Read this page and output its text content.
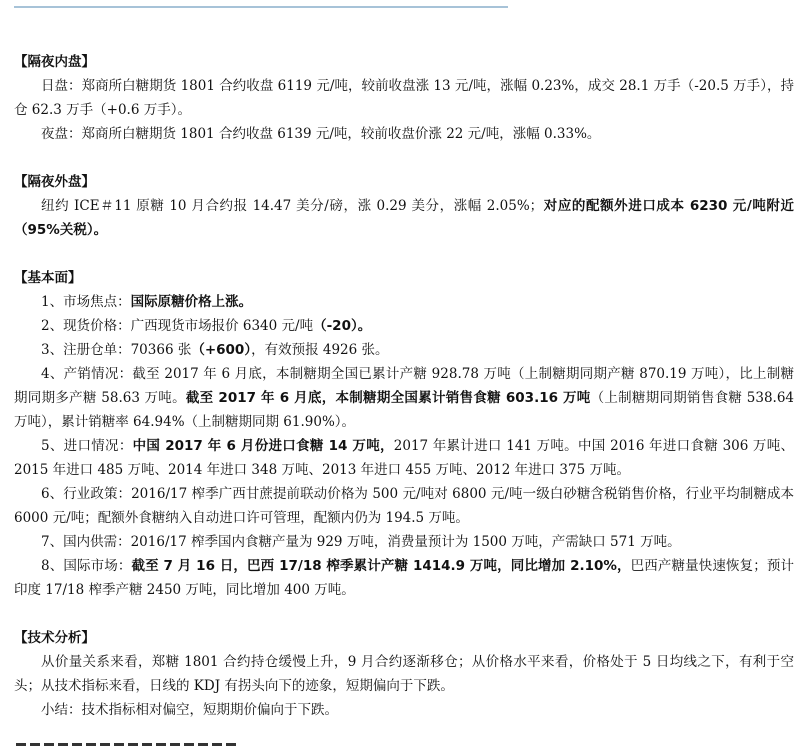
【隔夜内盘】

日盘：郑商所白糖期货 1801 合约收盘 6119 元/吨，较前收盘涨 13 元/吨，涨幅 0.23%，成交 28.1 万手（-20.5 万手），持仓 62.3 万手（+0.6 万手）。

夜盘：郑商所白糖期货 1801 合约收盘 6139 元/吨，较前收盘价涨 22 元/吨，涨幅 0.33%。

【隔夜外盘】

纽约 ICE＃11 原糖 10 月合约报 14.47 美分/磅，涨 0.29 美分，涨幅 2.05%；对应的配额外进口成本 6230 元/吨附近（95%关税）。

【基本面】

1、市场焦点：国际原糖价格上涨。

2、现货价格：广西现货市场报价 6340 元/吨（-20）。

3、注册仓单：70366 张（+600），有效预报 4926 张。

4、产销情况：截至 2017 年 6 月底，本制糖期全国已累计产糖 928.78 万吨（上制糖期同期产糖 870.19 万吨），比上制糖期同期多产糖 58.63 万吨。截至 2017 年 6 月底，本制糖期全国累计销售食糖 603.16 万吨（上制糖期同期销售食糖 538.64 万吨），累计销糖率 64.94%（上制糖期同期 61.90%）。

5、进口情况：中国 2017 年 6 月份进口食糖 14 万吨，2017 年累计进口 141 万吨。中国 2016 年进口食糖 306 万吨、2015 年进口 485 万吨、2014 年进口 348 万吨、2013 年进口 455 万吨、2012 年进口 375 万吨。

6、行业政策：2016/17 榨季广西甘蔗提前联动价格为 500 元/吨对 6800 元/吨一级白砂糖含税销售价格，行业平均制糖成本 6000 元/吨；配额外食糖纳入自动进口许可管理，配额内仍为 194.5 万吨。

7、国内供需：2016/17 榨季国内食糖产量为 929 万吨，消费量预计为 1500 万吨，产需缺口 571 万吨。

8、国际市场：截至 7 月 16 日，巴西 17/18 榨季累计产糖 1414.9 万吨，同比增加 2.10%，巴西产糖量快速恢复；预计印度 17/18 榨季产糖 2450 万吨，同比增加 400 万吨。

【技术分析】

从价量关系来看，郑糖 1801 合约持仓缓慢上升，9 月合约逐渐移仓；从价格水平来看，价格处于 5 日均线之下，有利于空头；从技术指标来看，日线的 KDJ 有拐头向下的迹象，短期偏向于下跌。

小结：技术指标相对偏空，短期期价偏向于下跌。
